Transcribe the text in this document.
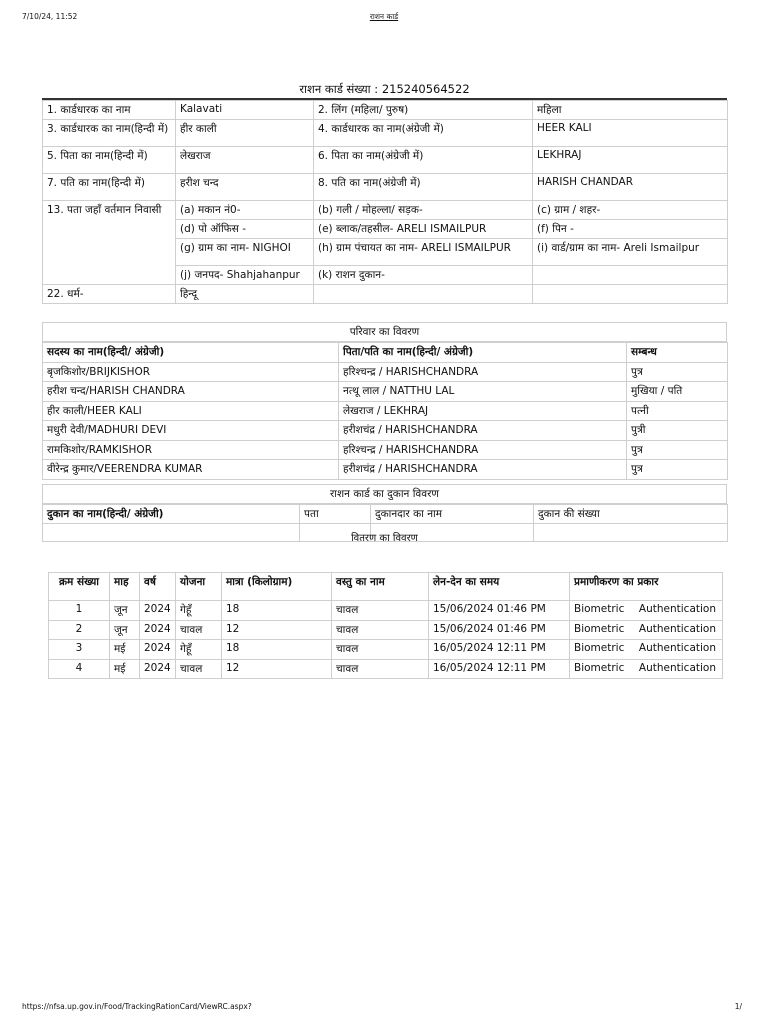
7/10/24, 11:52	राशन कार्ड
राशन कार्ड संख्या : 215240564522
1. कार्डधारक का नाम	Kalavati	2. लिंग (महिला/ पुरुष)	महिला
3. कार्डधारक का नाम(हिन्दी में)	हीर काली	4. कार्डधारक का नाम(अंग्रेजी में)	HEER KALI
5. पिता का नाम(हिन्दी में)	लेखराज	6. पिता का नाम(अंग्रेजी में)	LEKHRAJ
7. पति का नाम(हिन्दी में)	हरीश चन्द	8. पति का नाम(अंग्रेजी में)	HARISH CHANDAR
13. पता जहाँ वर्तमान निवासी	(a) मकान नं0-	(b) गली / मोहल्ला/ सड़क-	(c) ग्राम / शहर-
	(d) पो ऑफिस -	(e) ब्लाक/तहसील- ARELI ISMAILPUR	(f) पिन -
	(g) ग्राम का नाम- NIGHOI	(h) ग्राम पंचायत का नाम- ARELI ISMAILPUR	(i) वार्ड/ग्राम का नाम- Areli Ismailpur
	(j) जनपद- Shahjahanpur	(k) राशन दुकान-	
22. धर्म-	हिन्दू		
परिवार का विवरण
सदस्य का नाम(हिन्दी/ अंग्रेजी)	पिता/पति का नाम(हिन्दी/ अंग्रेजी)	सम्बन्ध
बृजकिशोर/BRIJKISHOR	हरिश्चन्द्र / HARISHCHANDRA	पुत्र
हरीश चन्द/HARISH CHANDRA	नत्थू लाल / NATTHU LAL	मुखिया / पति
हीर काली/HEER KALI	लेखराज / LEKHRAJ	पत्नी
मधुरी देवी/MADHURI DEVI	हरीशचंद्र / HARISHCHANDRA	पुत्री
रामकिशोर/RAMKISHOR	हरिश्चन्द्र / HARISHCHANDRA	पुत्र
वीरेन्द्र कुमार/VEERENDRA KUMAR	हरीशचंद्र / HARISHCHANDRA	पुत्र
राशन कार्ड का दुकान विवरण
दुकान का नाम(हिन्दी/ अंग्रेजी)	पता	दुकानदार का नाम	दुकान की संख्या

वितरण का विवरण
क्रम संख्या	माह	वर्ष	योजना	मात्रा (किलोग्राम)	वस्तु का नाम	लेन-देन का समय	प्रमाणीकरण का प्रकार
1	जून	2024	गेहूँ	18	चावल	15/06/2024 01:46 PM	Biometric Authentication

2	जून	2024	चावल	12	चावल	15/06/2024 01:46 PM	Biometric Authentication

3	मई	2024	गेहूँ	18	चावल	16/05/2024 12:11 PM	Biometric Authentication

4	मई	2024	चावल	12	चावल	16/05/2024 12:11 PM	Biometric Authentication
https://nfsa.up.gov.in/Food/TrackingRationCard/ViewRC.aspx?	1/
